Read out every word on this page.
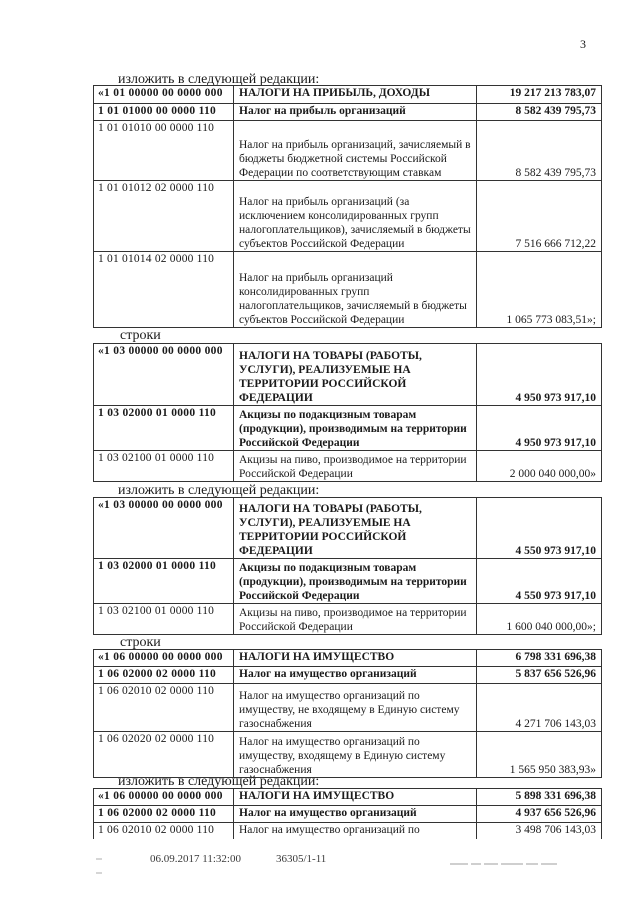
3
изложить в следующей редакции:
«1 01 00000 00 0000 000	НАЛОГИ НА ПРИБЫЛЬ, ДОХОДЫ	19 217 213 783,07
1 01 01000 00 0000 110	Налог на прибыль организаций	8 582 439 795,73
1 01 01010 00 0000 110	Налог на прибыль организаций, зачисляемый в бюджеты бюджетной системы Российской Федерации по соответствующим ставкам	8 582 439 795,73
1 01 01012 02 0000 110	Налог на прибыль организаций (за исключением консолидированных групп налогоплательщиков), зачисляемый в бюджеты субъектов Российской Федерации	7 516 666 712,22
1 01 01014 02 0000 110	Налог на прибыль организаций консолидированных групп налогоплательщиков, зачисляемый в бюджеты субъектов Российской Федерации	1 065 773 083,51»;
строки
«1 03 00000 00 0000 000	НАЛОГИ НА ТОВАРЫ (РАБОТЫ, УСЛУГИ), РЕАЛИЗУЕМЫЕ НА ТЕРРИТОРИИ РОССИЙСКОЙ ФЕДЕРАЦИИ	4 950 973 917,10
1 03 02000 01 0000 110	Акцизы по подакцизным товарам (продукции), производимым на территории Российской Федерации	4 950 973 917,10
1 03 02100 01 0000 110	Акцизы на пиво, производимое на территории Российской Федерации	2 000 040 000,00»
изложить в следующей редакции:
«1 03 00000 00 0000 000	НАЛОГИ НА ТОВАРЫ (РАБОТЫ, УСЛУГИ), РЕАЛИЗУЕМЫЕ НА ТЕРРИТОРИИ РОССИЙСКОЙ ФЕДЕРАЦИИ	4 550 973 917,10
1 03 02000 01 0000 110	Акцизы по подакцизным товарам (продукции), производимым на территории Российской Федерации	4 550 973 917,10
1 03 02100 01 0000 110	Акцизы на пиво, производимое на территории Российской Федерации	1 600 040 000,00»;
строки
«1 06 00000 00 0000 000	НАЛОГИ НА ИМУЩЕСТВО	6 798 331 696,38
1 06 02000 02 0000 110	Налог на имущество организаций	5 837 656 526,96
1 06 02010 02 0000 110	Налог на имущество организаций по имуществу, не входящему в Единую систему газоснабжения	4 271 706 143,03
1 06 02020 02 0000 110	Налог на имущество организаций по имуществу, входящему в Единую систему газоснабжения	1 565 950 383,93»
изложить в следующей редакции:
«1 06 00000 00 0000 000	НАЛОГИ НА ИМУЩЕСТВО	5 898 331 696,38
1 06 02000 02 0000 110	Налог на имущество организаций	4 937 656 526,96
1 06 02010 02 0000 110	Налог на имущество организаций по	3 498 706 143,03
06.09.2017 11:32:00	36305/1-11
